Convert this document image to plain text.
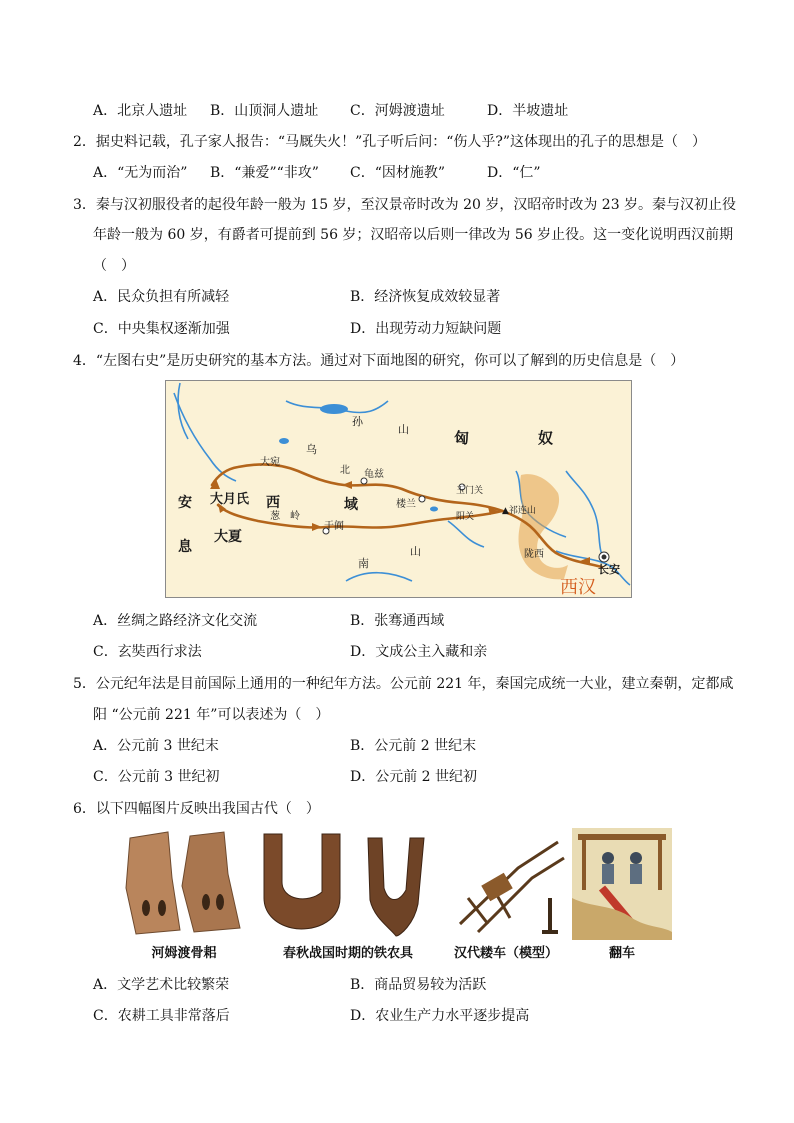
A．北京人遗址 B．山顶洞人遗址 C．河姆渡遗址	D．半坡遗址
2．据史料记载，孔子家人报告：“马厩失火！”孔子听后问：“伤人乎?”这体现出的孔子的思想是（　）
A．“无为而治” B．“兼爱”“非攻” C．“因材施教”	D．“仁”
3．秦与汉初服役者的起役年龄一般为 15 岁，至汉景帝时改为 20 岁，汉昭帝时改为 23 岁。秦与汉初止役
年龄一般为 60 岁，有爵者可提前到 56 岁；汉昭帝以后则一律改为 56 岁止役。这一变化说明西汉前期
（　）
A．民众负担有所减轻	B．经济恢复成效较显著
C．中央集权逐渐加强	D．出现劳动力短缺问题
4．“左图右史”是历史研究的基本方法。通过对下面地图的研究，你可以了解到的历史信息是（　）
匈	奴
乌
孙
山
北 龟兹
大宛
大月氏 西	域	楼兰
玉门关
阳关
▲祁连山
安
息
葱　岭
大夏
于阗
南
山	陇西
长安
西汉
A．丝绸之路经济文化交流	B．张骞通西域
C．玄奘西行求法	D．文成公主入藏和亲
5．公元纪年法是目前国际上通用的一种纪年方法。公元前 221 年，秦国完成统一大业，建立秦朝，定都咸
阳 “公元前 221 年”可以表述为（　）
A．公元前 3 世纪末	B．公元前 2 世纪末
C．公元前 3 世纪初	D．公元前 2 世纪初
6．以下四幅图片反映出我国古代（　）
河姆渡骨耜	春秋战国时期的铁农具	汉代耧车（模型）	翻车
A．文学艺术比较繁荣	B．商品贸易较为活跃
C．农耕工具非常落后	D．农业生产力水平逐步提高
